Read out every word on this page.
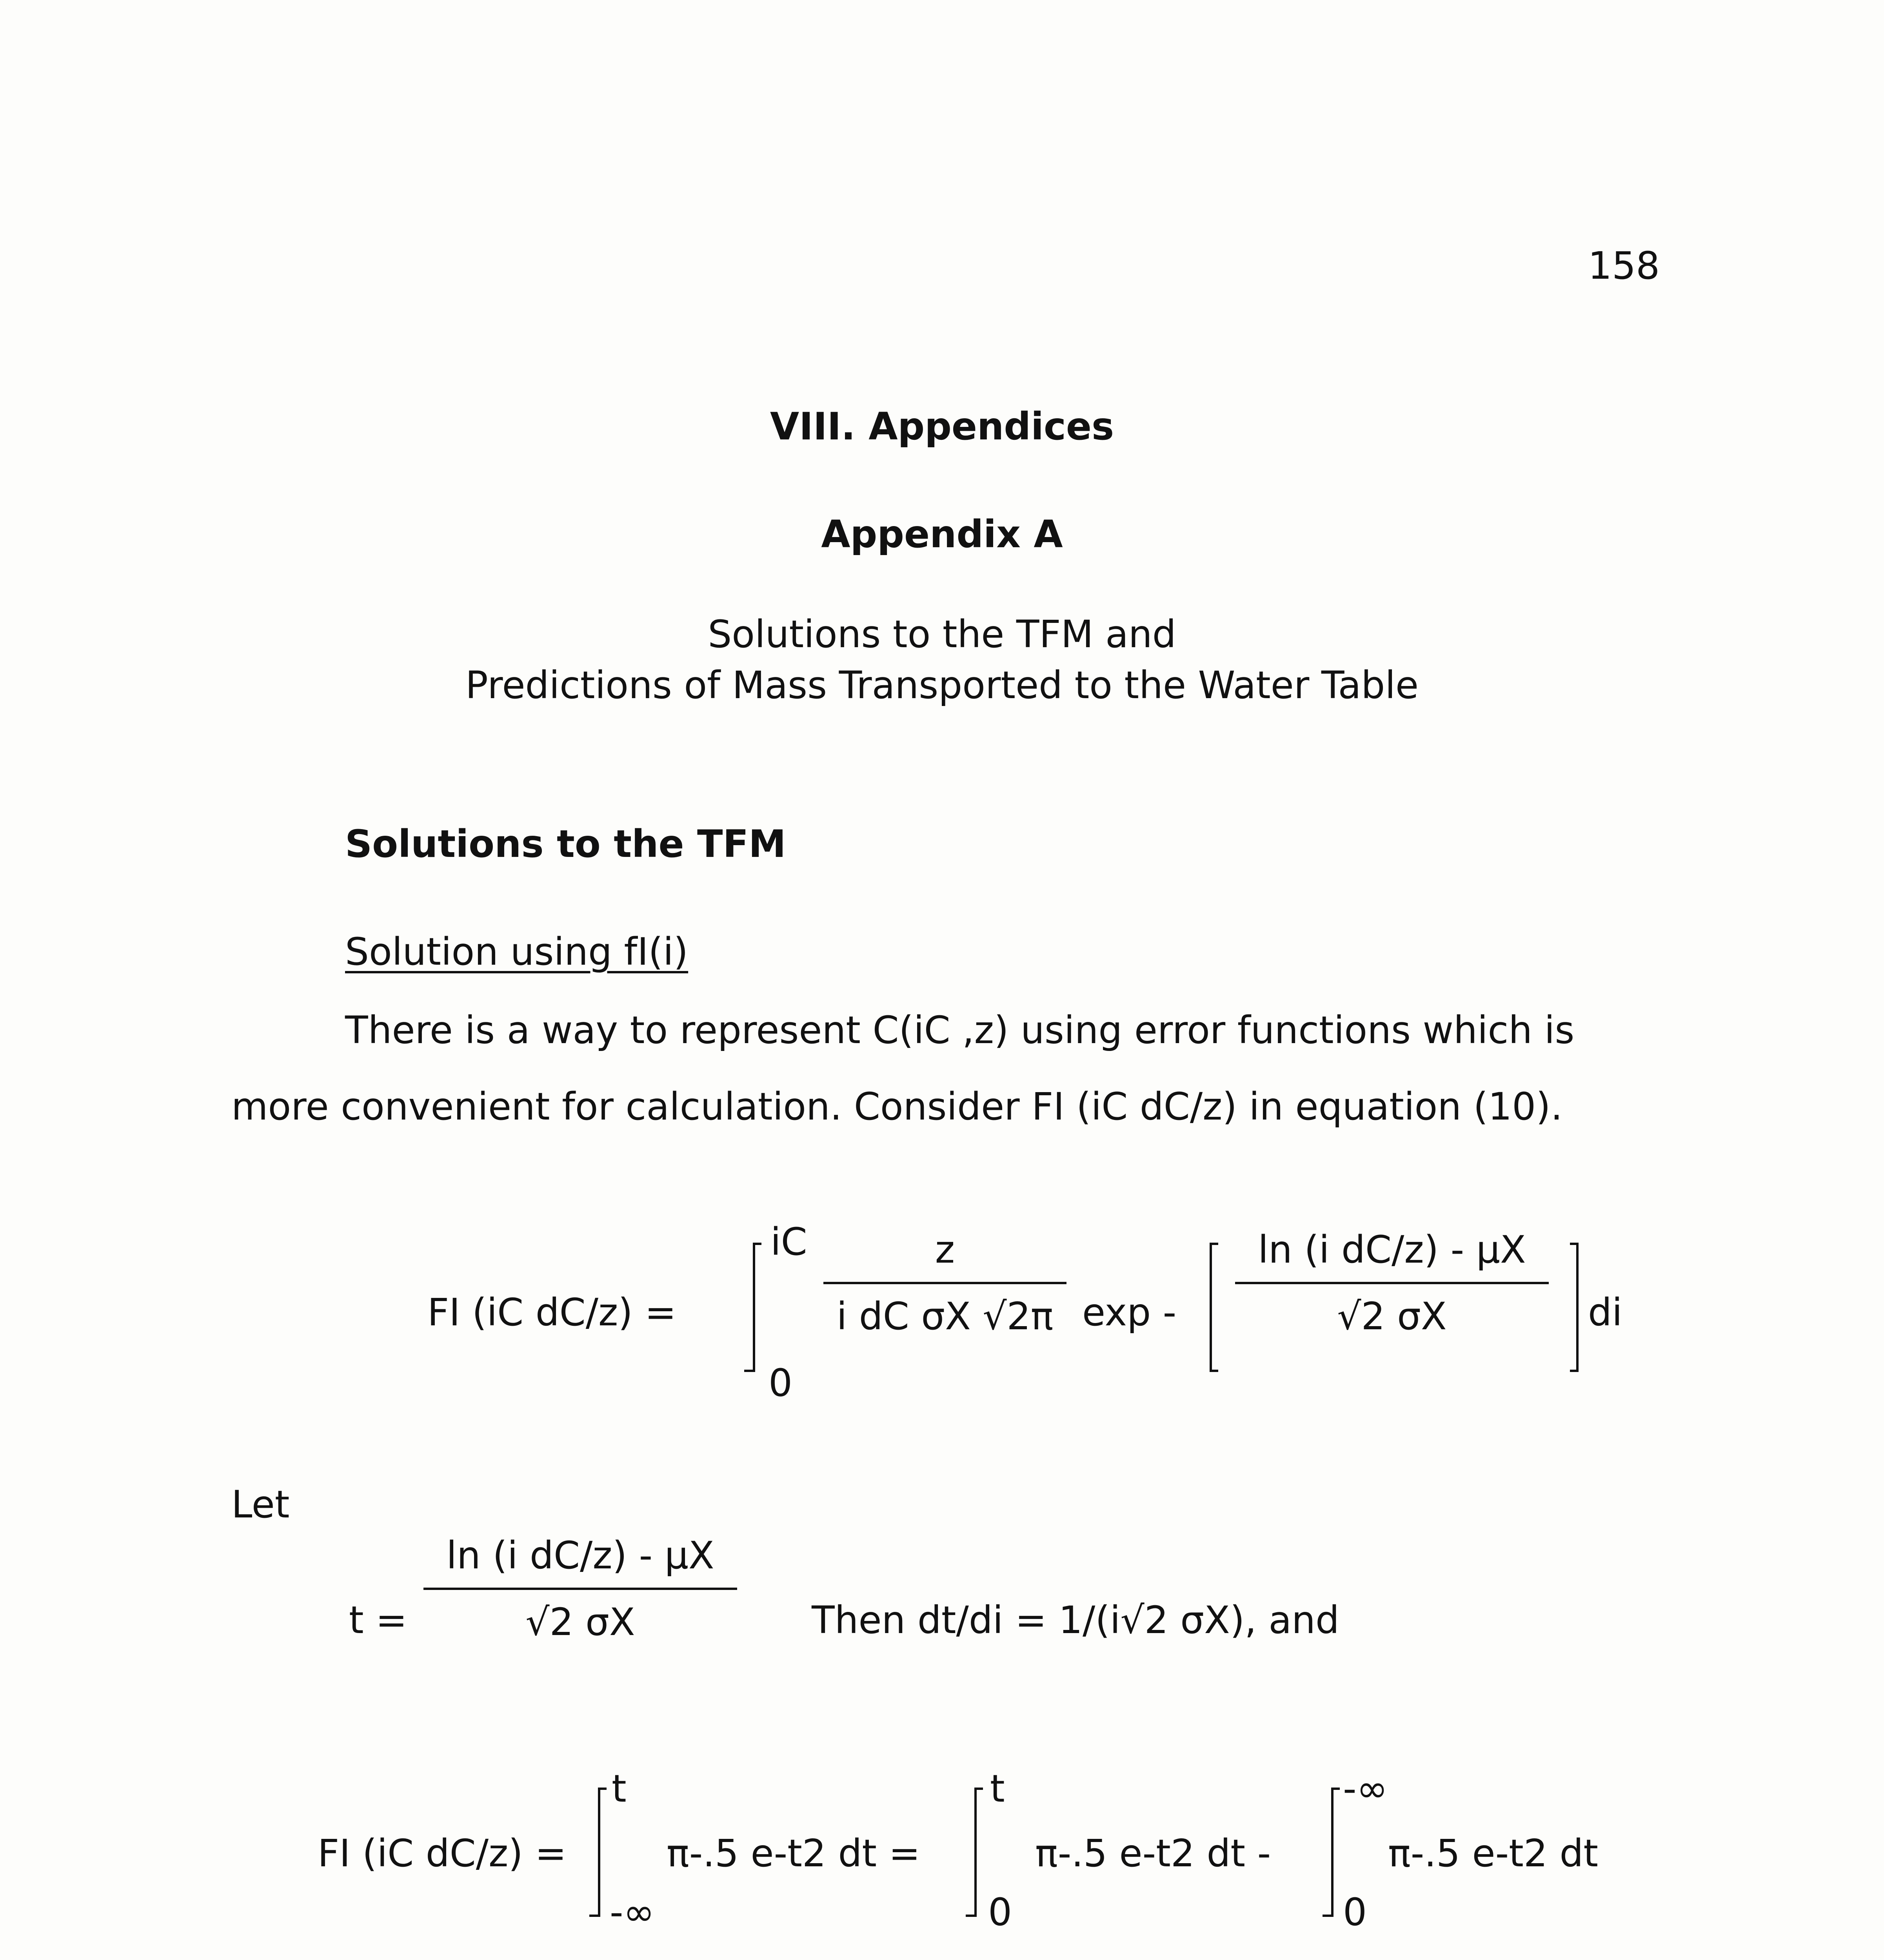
158
VIII. Appendices
Appendix A
Solutions to the TFM and
Predictions of Mass Transported to the Water Table
Solutions to the TFM
Solution using fI(i)
There is a way to represent C(iC ,z) using error functions which is
more convenient for calculation. Consider FI (iC dC/z) in equation (10).
FI (iC dC/z) =
iC
0
z
i dC σX √2π exp -
ln (i dC/z) - μX
√2 σX	di
Let
t =
ln (i dC/z) - μX
√2 σX	Then dt/di = 1/(i√2 σX), and
FI (iC dC/z) =
t
-∞
π-.5 e-t2 dt =
t
0
π-.5 e-t2 dt -
-∞
0
π-.5 e-t2 dt
